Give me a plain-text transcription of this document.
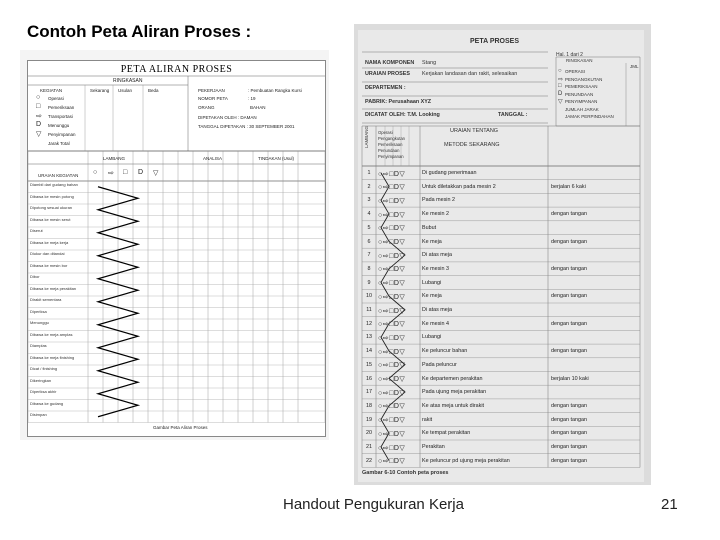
Contoh Peta Aliran Proses :
PETA ALIRAN PROSES
RINGKASAN
KEGIATAN	Sekarang Usulan	Beda	PEKERJAAN	: Pembuatan Rangka Kursi
NOMOR PETA	: 19
ORANG	BAHAN
DIPETAKAN OLEH : DAMAN
TANGGAL DIPETAKAN : 30 SEPTEMBER 2001
○ Operasi
□ Pemeriksaan
⇨ Transportasi
D Menunggu
▽ Penyimpanan
Jarak Total
LAMBANG	ANALISA	TINDAKAN (Usul)
URAIAN KEGIATAN
Diambil dari gudang bahan
Dibawa ke mesin potong
Dipotong sesuai ukuran
Dibawa ke mesin serut
Diserut
Dibawa ke meja kerja
Diukur dan ditandai
Dibawa ke mesin bor
Dibor
Dibawa ke meja perakitan
Dirakit sementara
Diperiksa
Menunggu
Dibawa ke meja amplas
Diamplas
Dibawa ke meja finishing
Dicat / finishing
Dikeringkan
Diperiksa akhir
Dibawa ke gudang
Disimpan
Gambar Peta Aliran Proses
○ ⇨ □ D ▽
PETA PROSES
Hal. 1 dari 2
NAMA KOMPONEN Stang
URAIAN PROSES Kerjakan landasan dan rakit, selesaikan
DEPARTEMEN :
PABRIK: Perusahaan XYZ
DICATAT OLEH: T.M. Looking	TANGGAL :
RINGKASAN
JML
○ OPERASI
⇨ PENGANGKUTAN
□ PEMERIKSAAN
D PENUNDAAN
▽ PENYIMPANAN
JUMLAH JARAK
JAMAK PERPINDAHAN
Operasi
Pengangkutan
Pemeriksaan
Penundaan
Penyimpanan
LAMBANG	URAIAN TENTANG
METODE SEKARANG
1	○⇨□D▽	Di gudang penerimaan
2	○⇨□D▽	Untuk diletakkan pada mesin 2	berjalan 6 kaki
3	○⇨□D▽	Pada mesin 2
4	○⇨□D▽	Ke mesin 2	dengan tangan
5	○⇨□D▽	Bubut
6	○⇨□D▽	Ke meja	dengan tangan
7	○⇨□D▽	Di atas meja
8	○⇨□D▽	Ke mesin 3	dengan tangan
9	○⇨□D▽	Lubangi
10 ○⇨□D▽	Ke meja	dengan tangan
11 ○⇨□D▽	Di atas meja
12 ○⇨□D▽	Ke mesin 4	dengan tangan
13 ○⇨□D▽	Lubangi
14 ○⇨□D▽	Ke peluncur bahan	dengan tangan
15 ○⇨□D▽	Pada peluncur
16 ○⇨□D▽	Ke departemen perakitan	berjalan 10 kaki
17 ○⇨□D▽	Pada ujung meja perakitan
18 ○⇨□D▽	Ke atas meja untuk dirakit	dengan tangan
19 ○⇨□D▽	rakit	dengan tangan
20 ○⇨□D▽	Ke tempat perakitan	dengan tangan
21 ○⇨□D▽	Perakitan	dengan tangan
22 ○⇨□D▽	Ke peluncur pd ujung meja perakitan	dengan tangan
Gambar 6-10 Contoh peta proses
Handout Pengukuran Kerja	21
